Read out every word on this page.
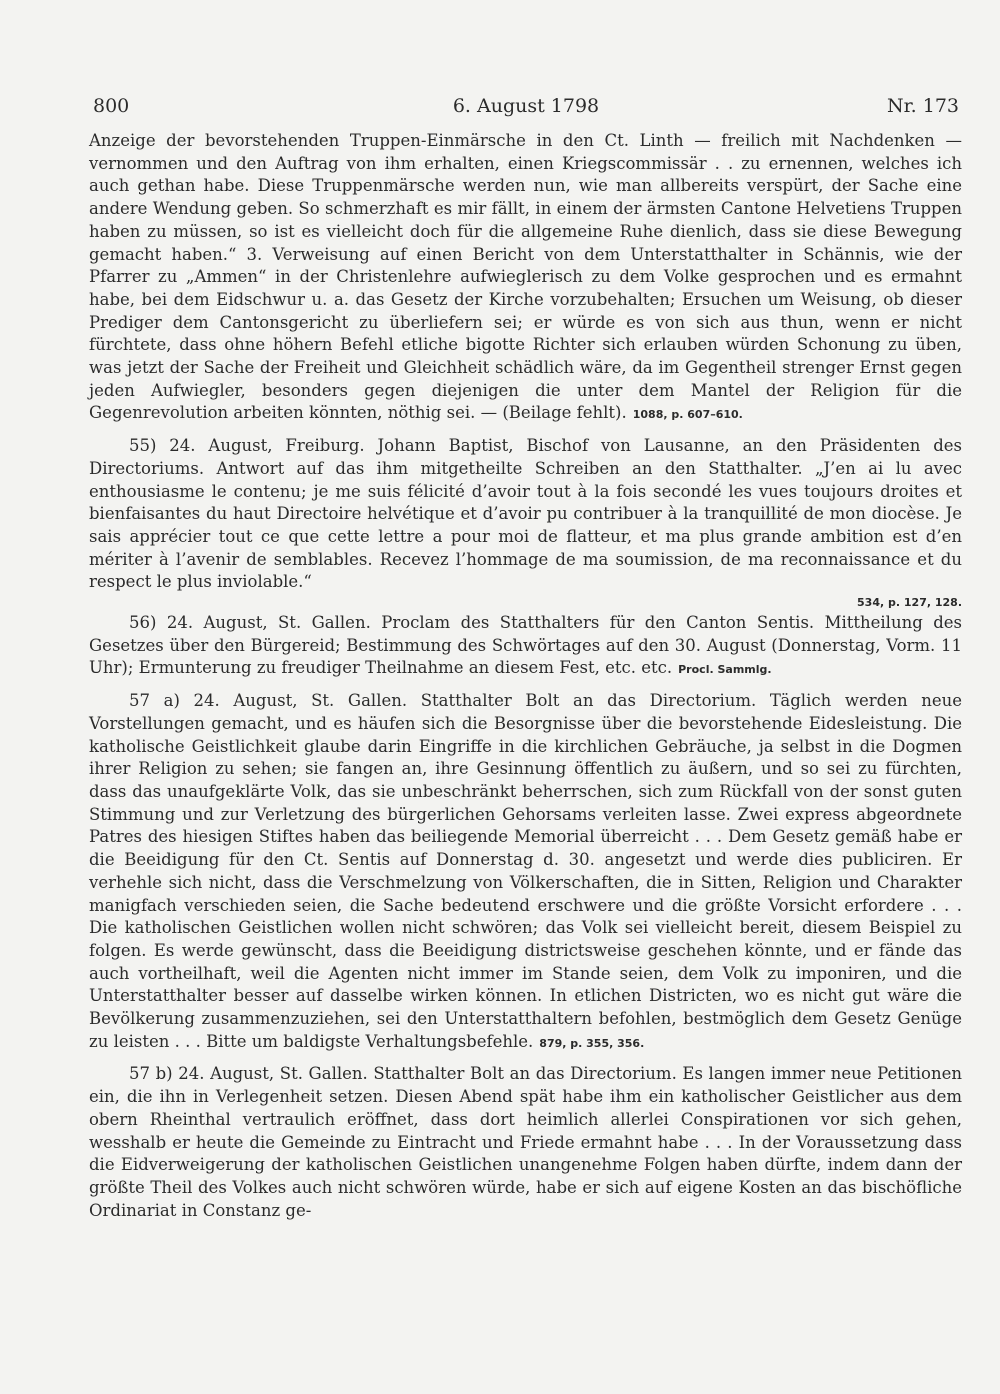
800	6. August 1798	Nr. 173

Anzeige der bevorstehenden Truppen-Einmärsche in den Ct. Linth — freilich mit Nachdenken — vernommen und den Auftrag von ihm erhalten, einen Kriegscommissär . . zu ernennen, welches ich auch gethan habe. Diese Truppenmärsche werden nun, wie man allbereits verspürt, der Sache eine andere Wendung geben. So schmerzhaft es mir fällt, in einem der ärmsten Cantone Helvetiens Truppen haben zu müssen, so ist es vielleicht doch für die allgemeine Ruhe dienlich, dass sie diese Bewegung gemacht haben.“ 3. Verweisung auf einen Bericht von dem Unterstatthalter in Schännis, wie der Pfarrer zu „Ammen“ in der Christenlehre aufwieglerisch zu dem Volke gesprochen und es ermahnt habe, bei dem Eidschwur u. a. das Gesetz der Kirche vorzubehalten; Ersuchen um Weisung, ob dieser Prediger dem Cantonsgericht zu überliefern sei; er würde es von sich aus thun, wenn er nicht fürchtete, dass ohne höhern Befehl etliche bigotte Richter sich erlauben würden Schonung zu üben, was jetzt der Sache der Freiheit und Gleichheit schädlich wäre, da im Gegentheil strenger Ernst gegen jeden Aufwiegler, besonders gegen diejenigen die unter dem Mantel der Religion für die Gegenrevolution arbeiten könnten, nöthig sei. — (Beilage fehlt). 1088, p. 607–610.

55) 24. August, Freiburg. Johann Baptist, Bischof von Lausanne, an den Präsidenten des Directoriums. Antwort auf das ihm mitgetheilte Schreiben an den Statthalter. „J’en ai lu avec enthousiasme le contenu; je me suis félicité d’avoir tout à la fois secondé les vues toujours droites et bienfaisantes du haut Directoire helvétique et d’avoir pu contribuer à la tranquillité de mon diocèse. Je sais apprécier tout ce que cette lettre a pour moi de flatteur, et ma plus grande ambition est d’en mériter à l’avenir de semblables. Recevez l’hommage de ma soumission, de ma reconnaissance et du respect le plus inviolable.“

534, p. 127, 128.

56) 24. August, St. Gallen. Proclam des Statthalters für den Canton Sentis. Mittheilung des Gesetzes über den Bürgereid; Bestimmung des Schwörtages auf den 30. August (Donnerstag, Vorm. 11 Uhr); Ermunterung zu freudiger Theilnahme an diesem Fest, etc. etc. Procl. Sammlg.

57 a) 24. August, St. Gallen. Statthalter Bolt an das Directorium. Täglich werden neue Vorstellungen gemacht, und es häufen sich die Besorgnisse über die bevorstehende Eidesleistung. Die katholische Geistlichkeit glaube darin Eingriffe in die kirchlichen Gebräuche, ja selbst in die Dogmen ihrer Religion zu sehen; sie fangen an, ihre Gesinnung öffentlich zu äußern, und so sei zu fürchten, dass das unaufgeklärte Volk, das sie unbeschränkt beherrschen, sich zum Rückfall von der sonst guten Stimmung und zur Verletzung des bürgerlichen Gehorsams verleiten lasse. Zwei express abgeordnete Patres des hiesigen Stiftes haben das beiliegende Memorial überreicht . . . Dem Gesetz gemäß habe er die Beeidigung für den Ct. Sentis auf Donnerstag d. 30. angesetzt und werde dies publiciren. Er verhehle sich nicht, dass die Verschmelzung von Völkerschaften, die in Sitten, Religion und Charakter manigfach verschieden seien, die Sache bedeutend erschwere und die größte Vorsicht erfordere . . . Die katholischen Geistlichen wollen nicht schwören; das Volk sei vielleicht bereit, diesem Beispiel zu folgen. Es werde gewünscht, dass die Beeidigung districtsweise geschehen könnte, und er fände das auch vortheilhaft, weil die Agenten nicht immer im Stande seien, dem Volk zu imponiren, und die Unterstatthalter besser auf dasselbe wirken können. In etlichen Districten, wo es nicht gut wäre die Bevölkerung zusammenzuziehen, sei den Unterstatthaltern befohlen, bestmöglich dem Gesetz Genüge zu leisten . . . Bitte um baldigste Verhaltungsbefehle. 879, p. 355, 356.

57 b) 24. August, St. Gallen. Statthalter Bolt an das Directorium. Es langen immer neue Petitionen ein, die ihn in Verlegenheit setzen. Diesen Abend spät habe ihm ein katholischer Geistlicher aus dem obern Rheinthal vertraulich eröffnet, dass dort heimlich allerlei Conspirationen vor sich gehen, wesshalb er heute die Gemeinde zu Eintracht und Friede ermahnt habe . . . In der Voraussetzung dass die Eidverweigerung der katholischen Geistlichen unangenehme Folgen haben dürfte, indem dann der größte Theil des Volkes auch nicht schwören würde, habe er sich auf eigene Kosten an das bischöfliche Ordinariat in Constanz ge-
